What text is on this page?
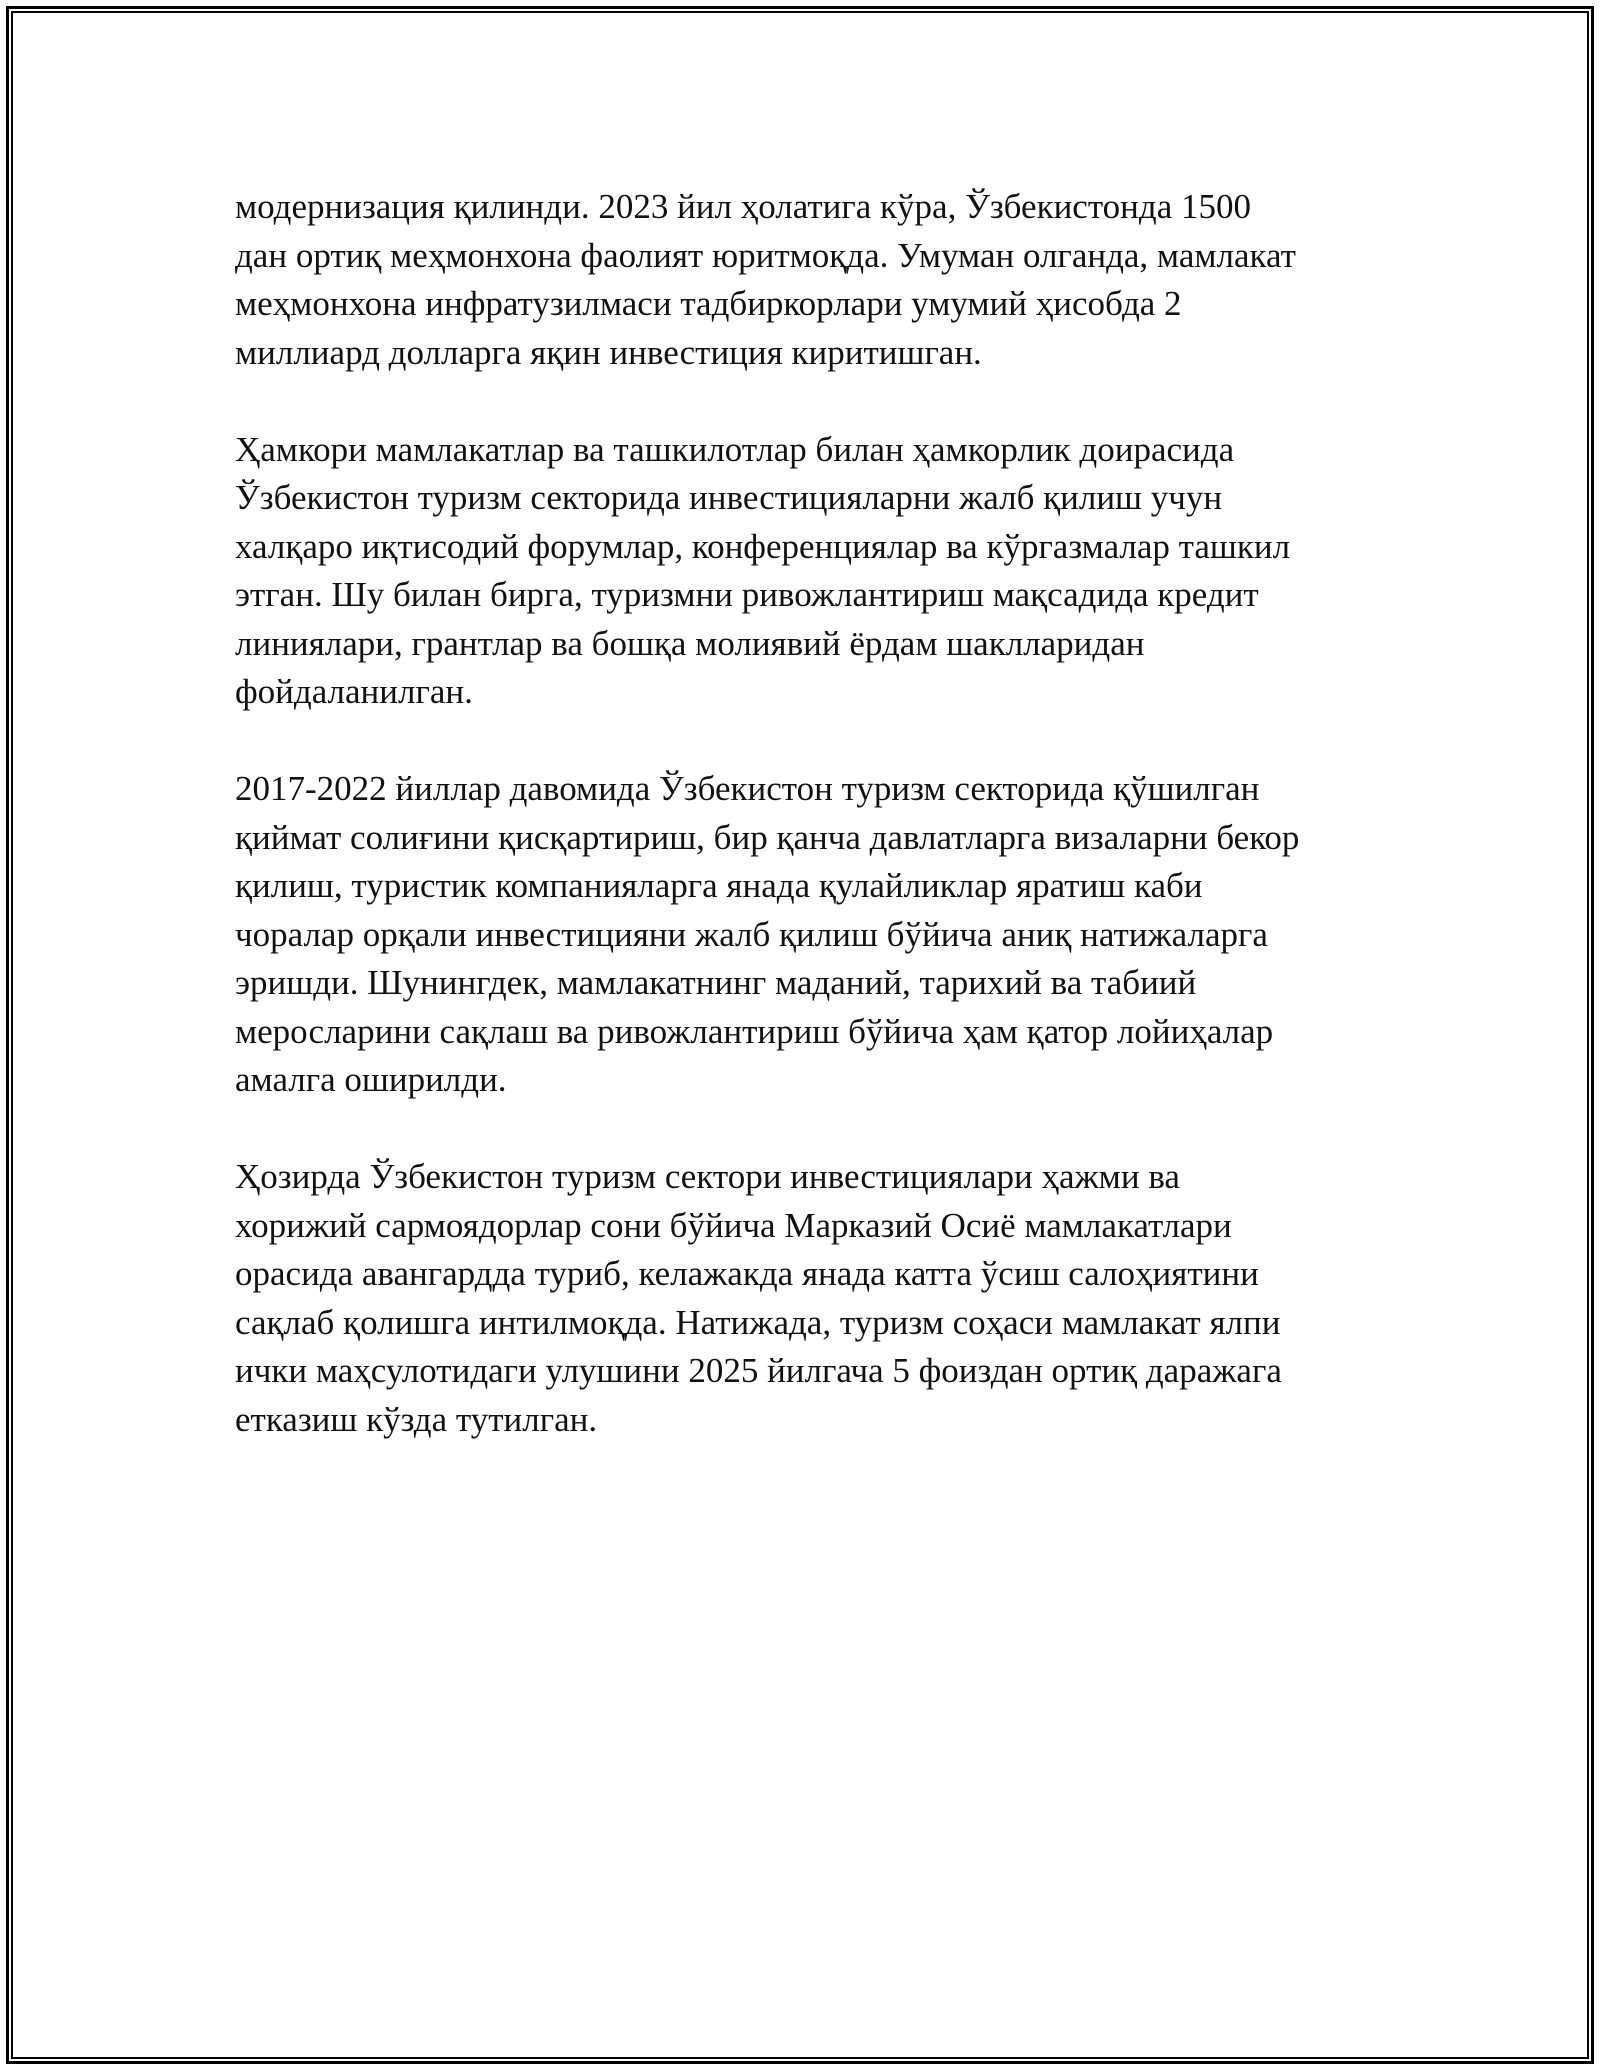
модернизация қилинди. 2023 йил ҳолатига кўра, Ўзбекистонда 1500
дан ортиқ меҳмонхона фаолият юритмоқда. Умуман олганда, мамлакат
меҳмонхона инфратузилмаси тадбиркорлари умумий ҳисобда 2
миллиард долларга яқин инвестиция киритишган.

Ҳамкори мамлакатлар ва ташкилотлар билан ҳамкорлик доирасида
Ўзбекистон туризм секторида инвестицияларни жалб қилиш учун
халқаро иқтисодий форумлар, конференциялар ва кўргазмалар ташкил
этган. Шу билан бирга, туризмни ривожлантириш мақсадида кредит
линиялари, грантлар ва бошқа молиявий ёрдам шаклларидан
фойдаланилган.

2017-2022 йиллар давомида Ўзбекистон туризм секторида қўшилган
қиймат солиғини қисқартириш, бир қанча давлатларга визаларни бекор
қилиш, туристик компанияларга янада қулайликлар яратиш каби
чоралар орқали инвестицияни жалб қилиш бўйича аниқ натижаларга
эришди. Шунингдек, мамлакатнинг маданий, тарихий ва табиий
меросларини сақлаш ва ривожлантириш бўйича ҳам қатор лойиҳалар
амалга оширилди.

Ҳозирда Ўзбекистон туризм сектори инвестициялари ҳажми ва
хорижий сармоядорлар сони бўйича Марказий Осиё мамлакатлари
орасида авангардда туриб, келажакда янада катта ўсиш салоҳиятини
сақлаб қолишга интилмоқда. Натижада, туризм соҳаси мамлакат ялпи
ички маҳсулотидаги улушини 2025 йилгача 5 фоиздан ортиқ даражага
етказиш кўзда тутилган.
